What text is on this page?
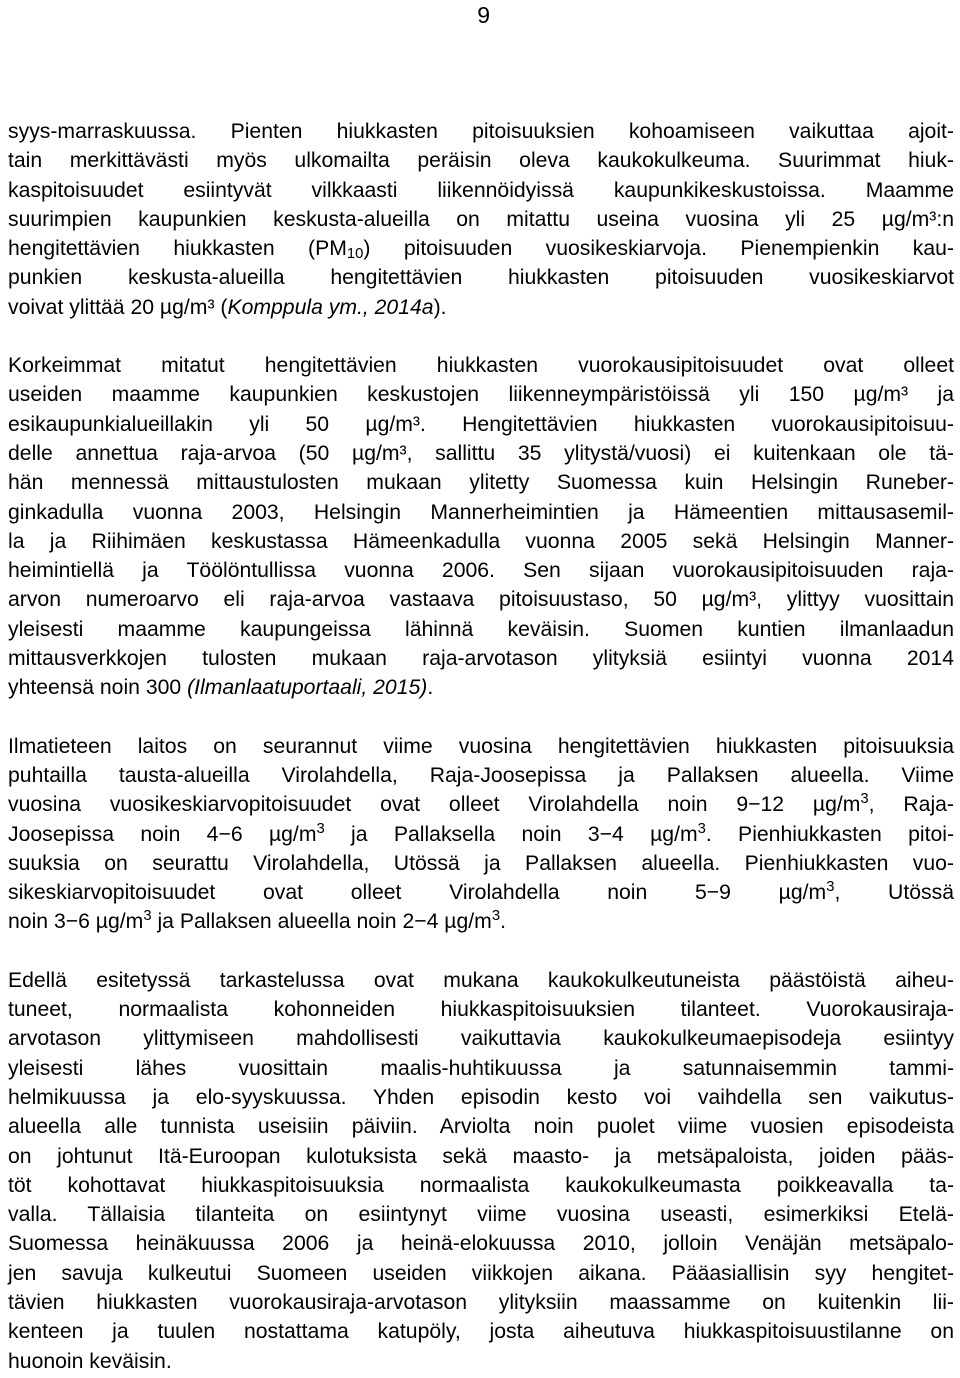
9
syys-marraskuussa. Pienten hiukkasten pitoisuuksien kohoamiseen vaikuttaa ajoit-
tain merkittävästi myös ulkomailta peräisin oleva kaukokulkeuma. Suurimmat hiuk-
kaspitoisuudet esiintyvät vilkkaasti liikennöidyissä kaupunkikeskustoissa. Maamme
suurimpien kaupunkien keskusta-alueilla on mitattu useina vuosina yli 25 µg/m³:n
hengitettävien hiukkasten $(PM_{10})$ pitoisuuden vuosikeskiarvoja. Pienempienkin kau-
punkien keskusta-alueilla hengitettävien hiukkasten pitoisuuden vuosikeskiarvot
voivat ylittää 20 µg/m³ (Komppula ym., 2014a).
Korkeimmat mitatut hengitettävien hiukkasten vuorokausipitoisuudet ovat olleet
useiden maamme kaupunkien keskustojen liikenneympäristöissä yli 150 µg/m³ ja
esikaupunkialueillakin yli 50 µg/m³. Hengitettävien hiukkasten vuorokausipitoisuu-
delle annettua raja-arvoa (50 µg/m³, sallittu 35 ylitystä/vuosi) ei kuitenkaan ole tä-
hän mennessä mittaustulosten mukaan ylitetty Suomessa kuin Helsingin Runeber-
ginkadulla vuonna 2003, Helsingin Mannerheimintien ja Hämeentien mittausasemil-
la ja Riihimäen keskustassa Hämeenkadulla vuonna 2005 sekä Helsingin Manner-
heimintiellä ja Töölöntullissa vuonna 2006. Sen sijaan vuorokausipitoisuuden raja-
arvon numeroarvo eli raja-arvoa vastaava pitoisuustaso, 50 µg/m³, ylittyy vuosittain
yleisesti maamme kaupungeissa lähinnä keväisin. Suomen kuntien ilmanlaadun
mittausverkkojen tulosten mukaan raja-arvotason ylityksiä esiintyi vuonna 2014
yhteensä noin 300 (Ilmanlaatuportaali, 2015).
Ilmatieteen laitos on seurannut viime vuosina hengitettävien hiukkasten pitoisuuksia
puhtailla tausta-alueilla Virolahdella, Raja-Joosepissa ja Pallaksen alueella. Viime
vuosina vuosikeskiarvopitoisuudet ovat olleet Virolahdella noin 9−12 $\mu g/m^3$, Raja-
Joosepissa noin 4−6 $\mu g/m^3$ ja Pallaksella noin 3−4 $\mu g/m^3$. Pienhiukkasten pitoi-
suuksia on seurattu Virolahdella, Utössä ja Pallaksen alueella. Pienhiukkasten vuo-
sikeskiarvopitoisuudet ovat olleet Virolahdella noin 5−9 $\mu g/m^3$, Utössä
noin 3−6 $\mu g/m^3$ ja Pallaksen alueella noin 2−4 $\mu g/m^3$.
Edellä esitetyssä tarkastelussa ovat mukana kaukokulkeutuneista päästöistä aiheu-
tuneet, normaalista kohonneiden hiukkaspitoisuuksien tilanteet. Vuorokausiraja-
arvotason ylittymiseen mahdollisesti vaikuttavia kaukokulkeumaepisodeja esiintyy
yleisesti lähes vuosittain maalis-huhtikuussa ja satunnaisemmin tammi-
helmikuussa ja elo-syyskuussa. Yhden episodin kesto voi vaihdella sen vaikutus-
alueella alle tunnista useisiin päiviin. Arviolta noin puolet viime vuosien episodeista
on johtunut Itä-Euroopan kulotuksista sekä maasto- ja metsäpaloista, joiden pääs-
töt kohottavat hiukkaspitoisuuksia normaalista kaukokulkeumasta poikkeavalla ta-
valla. Tällaisia tilanteita on esiintynyt viime vuosina useasti, esimerkiksi Etelä-
Suomessa heinäkuussa 2006 ja heinä-elokuussa 2010, jolloin Venäjän metsäpalo-
jen savuja kulkeutui Suomeen useiden viikkojen aikana. Pääasiallisin syy hengitet-
tävien hiukkasten vuorokausiraja-arvotason ylityksiin maassamme on kuitenkin lii-
kenteen ja tuulen nostattama katupöly, josta aiheutuva hiukkaspitoisuustilanne on
huonoin keväisin.
